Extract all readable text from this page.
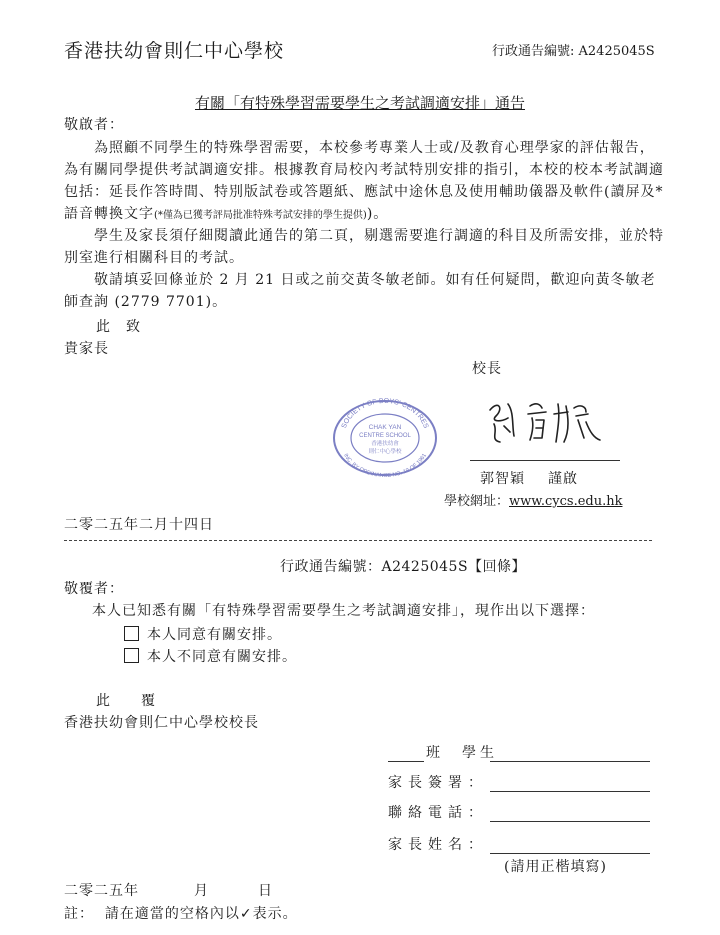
香港扶幼會則仁中心學校	行政通告編號: A2425045S
有關「有特殊學習需要學生之考試調適安排」通告
敬啟者：
為照顧不同學生的特殊學習需要，本校參考專業人士或/及教育心理學家的評估報告，為有關同學提供考試調適安排。根據教育局校內考試特別安排的指引，本校的校本考試調適包括：延長作答時間、特別版試卷或答題紙、應試中途休息及使用輔助儀器及軟件(讀屏及*語音轉換文字(*僅為已獲考評局批准特殊考試安排的學生提供))。
學生及家長須仔細閱讀此通告的第二頁，剔選需要進行調適的科目及所需安排，並於特別室進行相關科目的考試。
敬請填妥回條並於 2 月 21 日或之前交黃冬敏老師。如有任何疑問，歡迎向黃冬敏老師查詢 (2779 7701)。
此　致
貴家長
校長
SOCIETY OF BOYS' CENTRES
INC. BY ORDINANCE NO. 19 OF 1961
CHAK YAN
CENTRE SCHOOL
香港扶幼會
則仁中心學校
郭智穎 謹啟
學校網址：www.cycs.edu.hk
二零二五年二月十四日
行政通告編號：A2425045S【回條】
敬覆者：
本人已知悉有關「有特殊學習需要學生之考試調適安排」，現作出以下選擇：
本人同意有關安排。
本人不同意有關安排。
此　　覆
香港扶幼會則仁中心學校校長
班　學生
家長簽署：
聯絡電話：
家長姓名：
(請用正楷填寫)
二零二五年	月	日
註： 請在適當的空格內以✓表示。
